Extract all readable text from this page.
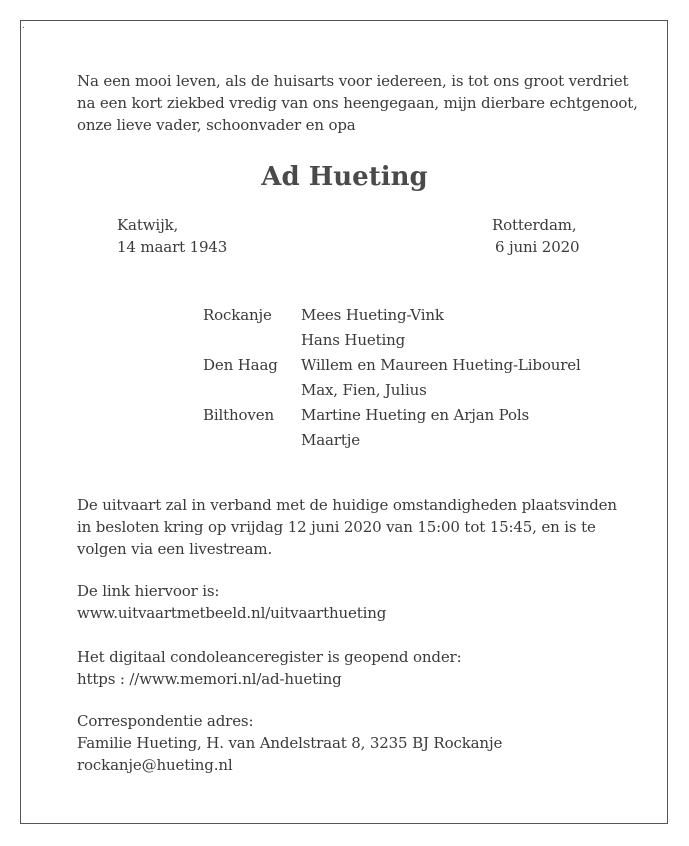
.
Na een mooi leven, als de huisarts voor iedereen, is tot ons groot verdriet
na een kort ziekbed vredig van ons heengegaan, mijn dierbare echtgenoot,
onze lieve vader, schoonvader en opa
Ad Hueting
Katwijk,
14 maart 1943
Rotterdam,
6 juni 2020
Rockanje	Mees Hueting-Vink
Hans Hueting
Den Haag	Willem en Maureen Hueting-Libourel
Max, Fien, Julius
Bilthoven	Martine Hueting en Arjan Pols
Maartje
De uitvaart zal in verband met de huidige omstandigheden plaatsvinden
in besloten kring op vrijdag 12 juni 2020 van 15:00 tot 15:45, en is te
volgen via een livestream.
De link hiervoor is:
www.uitvaartmetbeeld.nl/uitvaarthueting
Het digitaal condoleanceregister is geopend onder:
https : //www.memori.nl/ad-hueting
Correspondentie adres:
Familie Hueting, H. van Andelstraat 8, 3235 BJ Rockanje
rockanje@hueting.nl
